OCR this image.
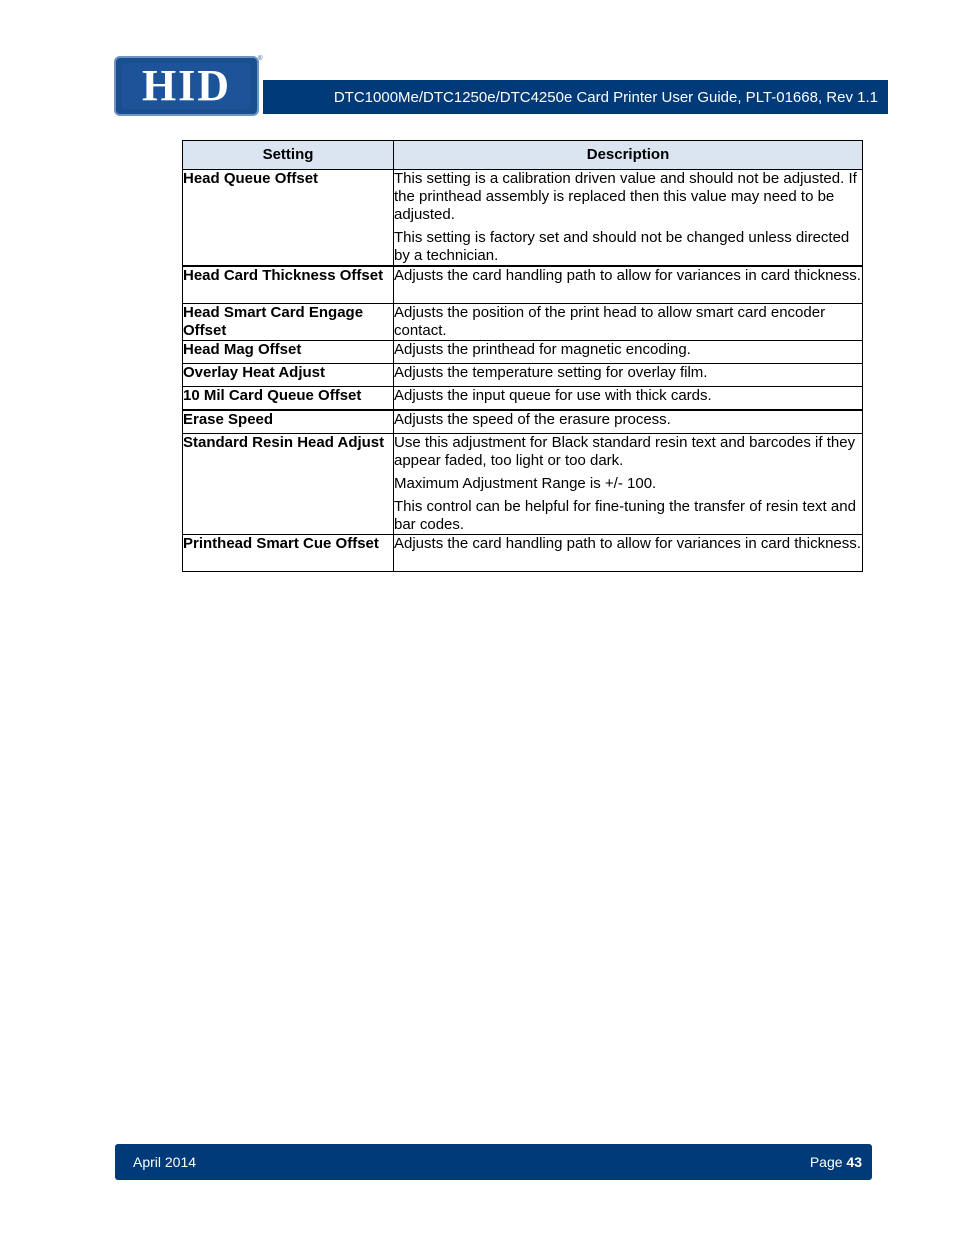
HID
®
DTC1000Me/DTC1250e/DTC4250e Card Printer User Guide, PLT-01668, Rev 1.1
Setting	Description
Head Queue Offset	This setting is a calibration driven value and should not be adjusted. If the printhead assembly is replaced then this value may need to be adjusted.

This setting is factory set and should not be changed unless directed by a technician.

Head Card Thickness Offset	Adjusts the card handling path to allow for variances in card thickness.

Head Smart Card Engage Offset	Adjusts the position of the print head to allow smart card encoder contact.

Head Mag Offset	Adjusts the printhead for magnetic encoding.

Overlay Heat Adjust	Adjusts the temperature setting for overlay film.

10 Mil Card Queue Offset	Adjusts the input queue for use with thick cards.

Erase Speed	Adjusts the speed of the erasure process.

Standard Resin Head Adjust	Use this adjustment for Black standard resin text and barcodes if they appear faded, too light or too dark.

Maximum Adjustment Range is +/- 100.

This control can be helpful for fine-tuning the transfer of resin text and bar codes.

Printhead Smart Cue Offset	Adjusts the card handling path to allow for variances in card thickness.

April 2014	Page 43
